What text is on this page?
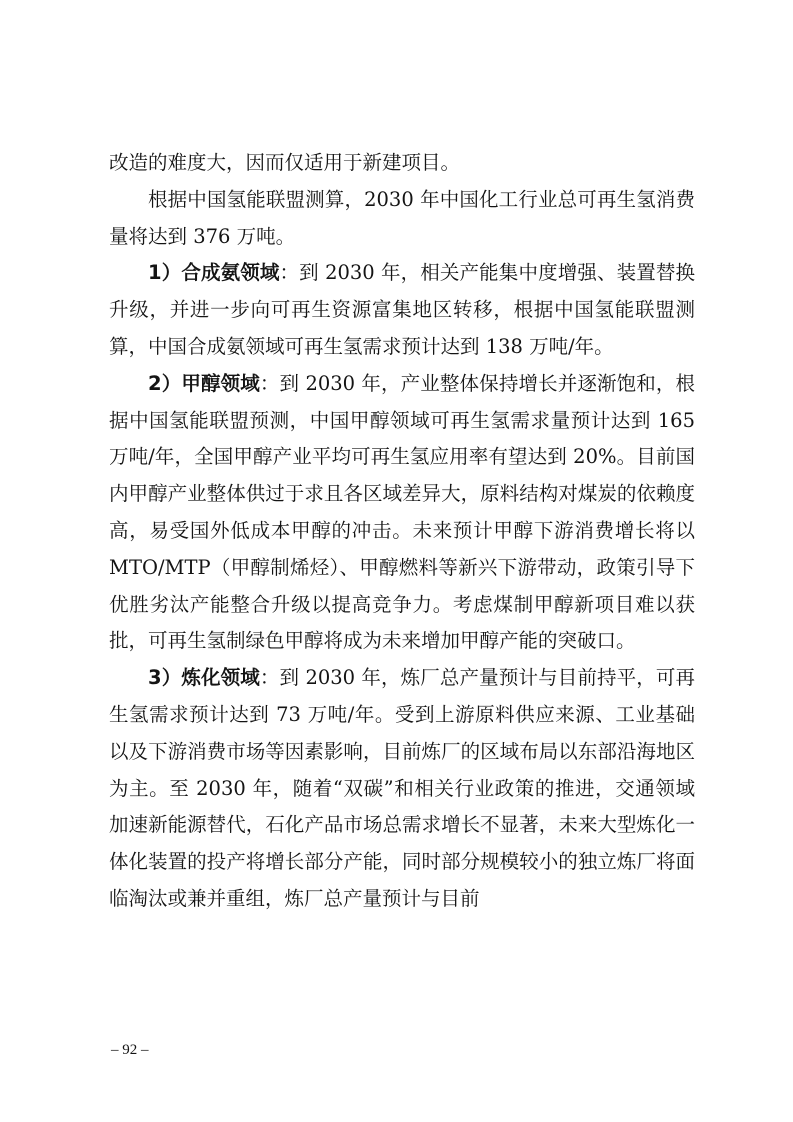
改造的难度大，因而仅适用于新建项目。

根据中国氢能联盟测算，2030 年中国化工行业总可再生氢消费量将达到 376 万吨。

1）合成氨领域：到 2030 年，相关产能集中度增强、装置替换升级，并进一步向可再生资源富集地区转移，根据中国氢能联盟测算，中国合成氨领域可再生氢需求预计达到 138 万吨/年。

2）甲醇领域：到 2030 年，产业整体保持增长并逐渐饱和，根据中国氢能联盟预测，中国甲醇领域可再生氢需求量预计达到 165 万吨/年，全国甲醇产业平均可再生氢应用率有望达到 20%。目前国内甲醇产业整体供过于求且各区域差异大，原料结构对煤炭的依赖度高，易受国外低成本甲醇的冲击。未来预计甲醇下游消费增长将以 MTO/MTP（甲醇制烯烃）、甲醇燃料等新兴下游带动，政策引导下优胜劣汰产能整合升级以提高竞争力。考虑煤制甲醇新项目难以获批，可再生氢制绿色甲醇将成为未来增加甲醇产能的突破口。

3）炼化领域：到 2030 年，炼厂总产量预计与目前持平，可再生氢需求预计达到 73 万吨/年。受到上游原料供应来源、工业基础以及下游消费市场等因素影响，目前炼厂的区域布局以东部沿海地区为主。至 2030 年，随着“双碳”和相关行业政策的推进，交通领域加速新能源替代，石化产品市场总需求增长不显著，未来大型炼化一体化装置的投产将增长部分产能，同时部分规模较小的独立炼厂将面临淘汰或兼并重组，炼厂总产量预计与目前

– 92 –
